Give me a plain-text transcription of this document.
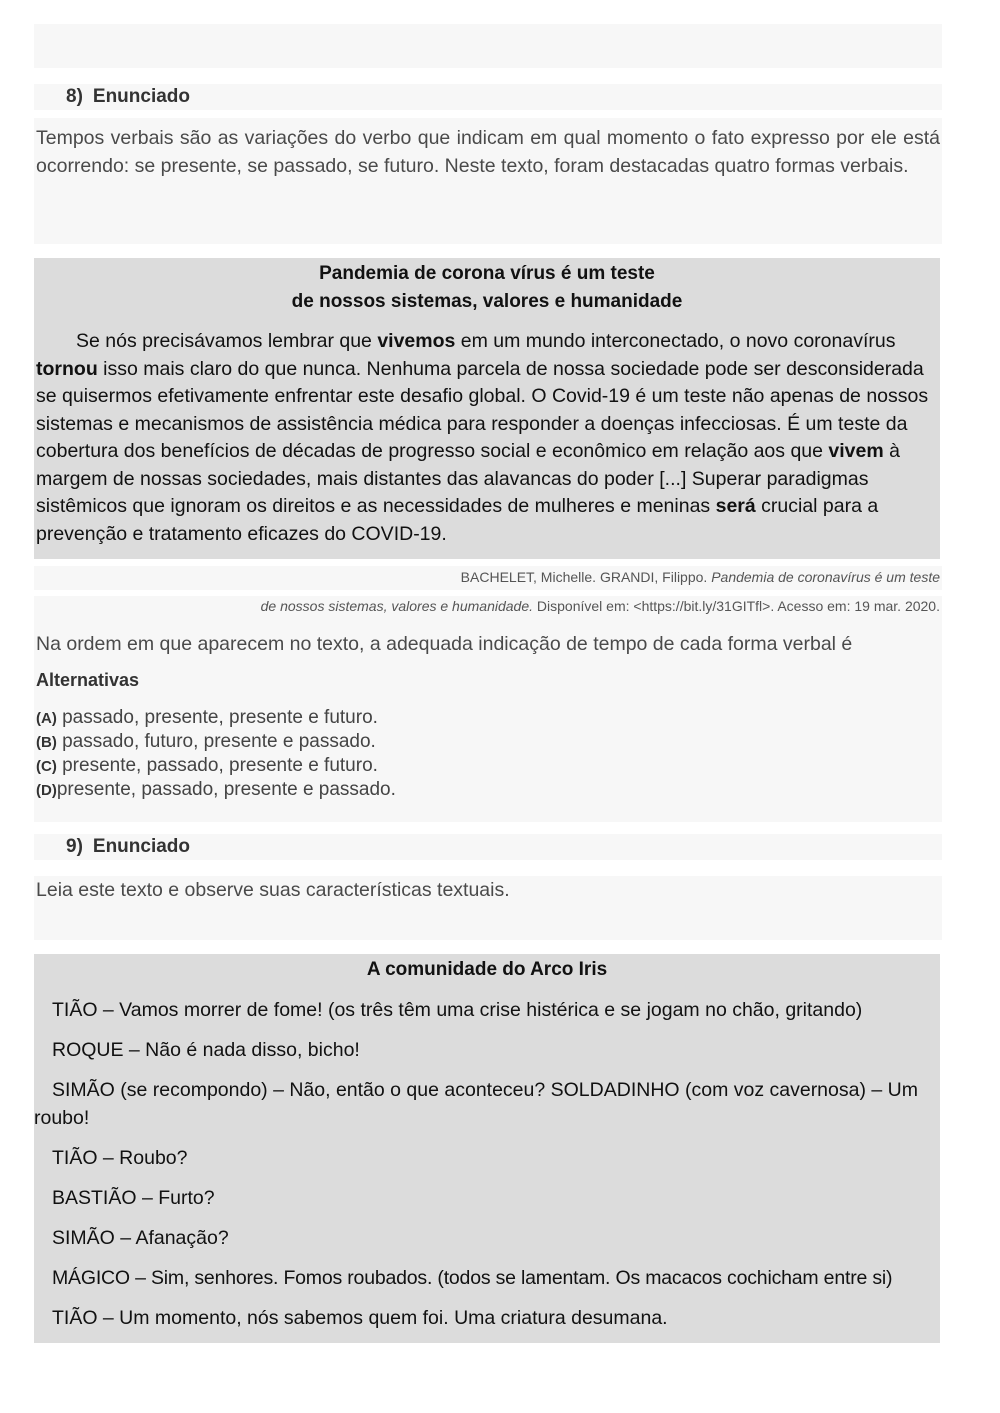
8) Enunciado
Tempos verbais são as variações do verbo que indicam em qual momento o fato expresso por ele está ocorrendo: se presente, se passado, se futuro. Neste texto, foram destacadas quatro formas verbais.
Pandemia de corona vírus é um teste
de nossos sistemas, valores e humanidade
Se nós precisávamos lembrar que vivemos em um mundo interconectado, o novo coronavírus tornou isso mais claro do que nunca. Nenhuma parcela de nossa sociedade pode ser desconsiderada se quisermos efetivamente enfrentar este desafio global. O Covid-19 é um teste não apenas de nossos sistemas e mecanismos de assistência médica para responder a doenças infecciosas. É um teste da cobertura dos benefícios de décadas de progresso social e econômico em relação aos que vivem à margem de nossas sociedades, mais distantes das alavancas do poder [...] Superar paradigmas sistêmicos que ignoram os direitos e as necessidades de mulheres e meninas será crucial para a prevenção e tratamento eficazes do COVID-19.
BACHELET, Michelle. GRANDI, Filippo. Pandemia de coronavírus é um teste
de nossos sistemas, valores e humanidade. Disponível em: <https://bit.ly/31GITfl>. Acesso em: 19 mar. 2020.
Na ordem em que aparecem no texto, a adequada indicação de tempo de cada forma verbal é
Alternativas
(A) passado, presente, presente e futuro.
(B) passado, futuro, presente e passado.
(C) presente, passado, presente e futuro.
(D)presente, passado, presente e passado.
9) Enunciado
Leia este texto e observe suas características textuais.
A comunidade do Arco Iris

TIÃO – Vamos morrer de fome! (os três têm uma crise histérica e se jogam no chão, gritando)

ROQUE – Não é nada disso, bicho!

SIMÃO (se recompondo) – Não, então o que aconteceu? SOLDADINHO (com voz cavernosa) – Um roubo!

TIÃO – Roubo?

BASTIÃO – Furto?

SIMÃO – Afanação?

MÁGICO – Sim, senhores. Fomos roubados. (todos se lamentam. Os macacos cochicham entre si)

TIÃO – Um momento, nós sabemos quem foi. Uma criatura desumana.
